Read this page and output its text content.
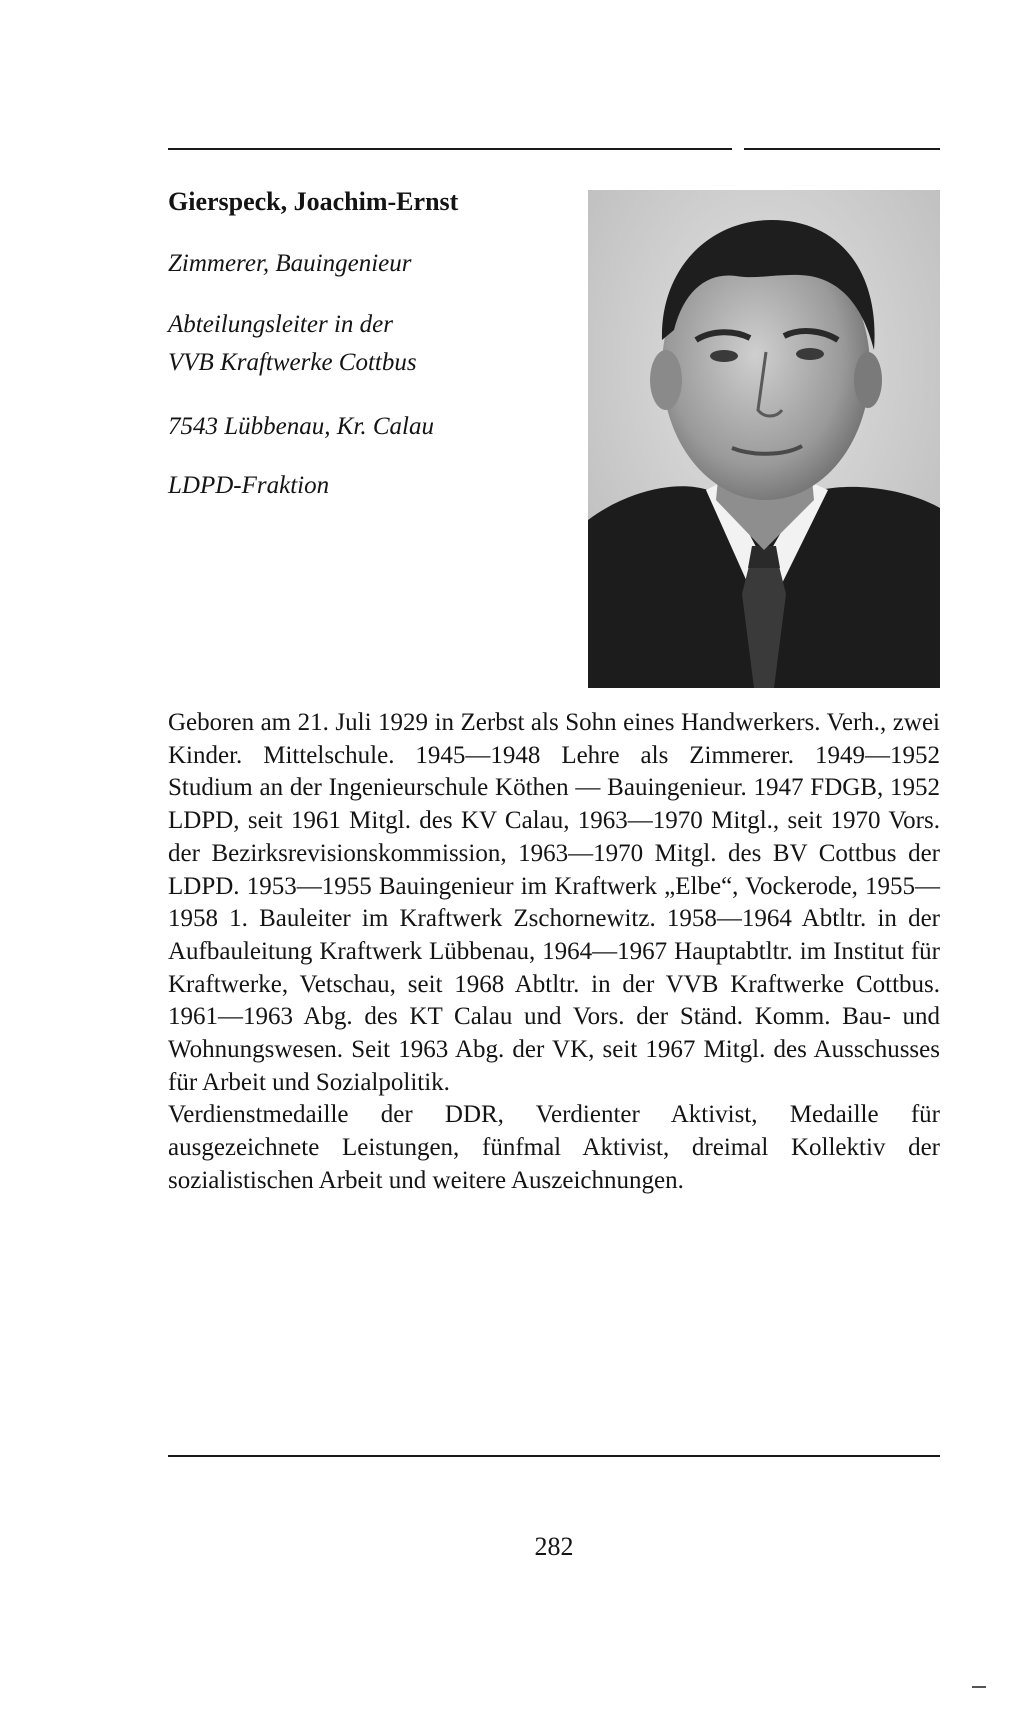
Gierspeck, Joachim-Ernst
Zimmerer, Bauingenieur
Abteilungsleiter in der
VVB Kraftwerke Cottbus
7543 Lübbenau, Kr. Calau
LDPD-Fraktion

Geboren am 21. Juli 1929 in Zerbst als Sohn eines Handwerkers. Verh., zwei Kinder. Mittelschule. 1945—1948 Lehre als Zimmerer. 1949—1952 Studium an der Ingenieurschule Köthen — Bauingenieur. 1947 FDGB, 1952 LDPD, seit 1961 Mitgl. des KV Calau, 1963—1970 Mitgl., seit 1970 Vors. der Bezirksrevisionskommission, 1963—1970 Mitgl. des BV Cottbus der LDPD. 1953—1955 Bauingenieur im Kraftwerk „Elbe“, Vockerode, 1955—1958 1. Bauleiter im Kraftwerk Zschornewitz. 1958—1964 Abtltr. in der Aufbauleitung Kraftwerk Lübbenau, 1964—1967 Hauptabtltr. im Institut für Kraftwerke, Vetschau, seit 1968 Abtltr. in der VVB Kraftwerke Cottbus. 1961—1963 Abg. des KT Calau und Vors. der Ständ. Komm. Bau- und Wohnungswesen. Seit 1963 Abg. der VK, seit 1967 Mitgl. des Ausschusses für Arbeit und Sozialpolitik.

Verdienstmedaille der DDR, Verdienter Aktivist, Medaille für ausgezeichnete Leistungen, fünfmal Aktivist, dreimal Kollektiv der sozialistischen Arbeit und weitere Auszeichnungen.

282
